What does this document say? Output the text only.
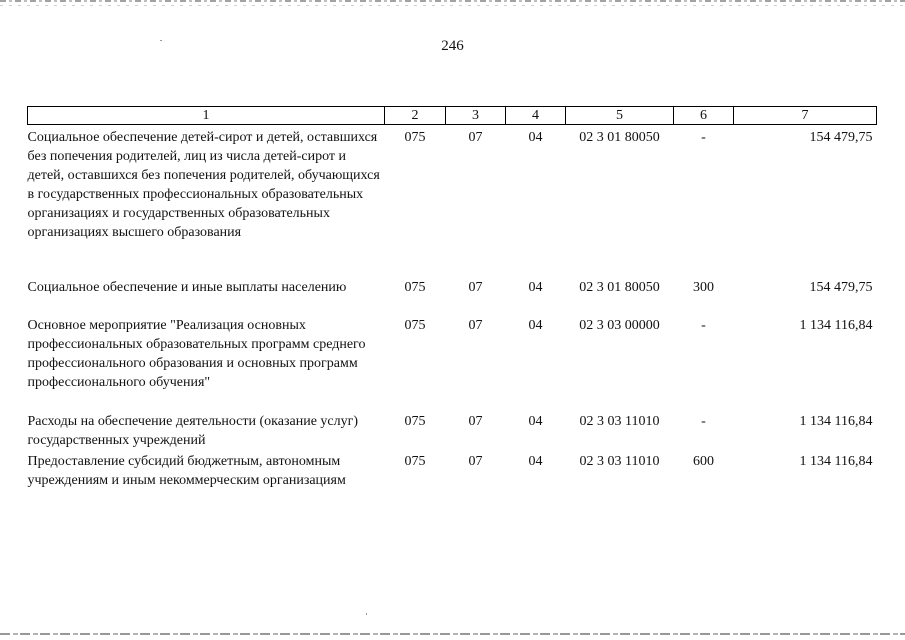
246
1	2	3	4	5	6	7
Социальное обеспечение детей-сирот и детей, оставшихся без попечения родителей, лиц из числа детей-сирот и детей, оставшихся без попечения родителей, обучающихся в государственных профессиональных образовательных организациях и государственных образовательных организациях высшего образования	075	07	04	02 3 01 80050	-	154 479,75
Социальное обеспечение и иные выплаты населению	075	07	04	02 3 01 80050	300	154 479,75
Основное мероприятие "Реализация основных профессиональных образовательных программ среднего профессионального образования и основных программ профессионального обучения"	075	07	04	02 3 03 00000	-	1 134 116,84
Расходы на обеспечение деятельности (оказание услуг) государственных учреждений	075	07	04	02 3 03 11010	-	1 134 116,84
Предоставление субсидий бюджетным, автономным учреждениям и иным некоммерческим организациям	075	07	04	02 3 03 11010	600	1 134 116,84
